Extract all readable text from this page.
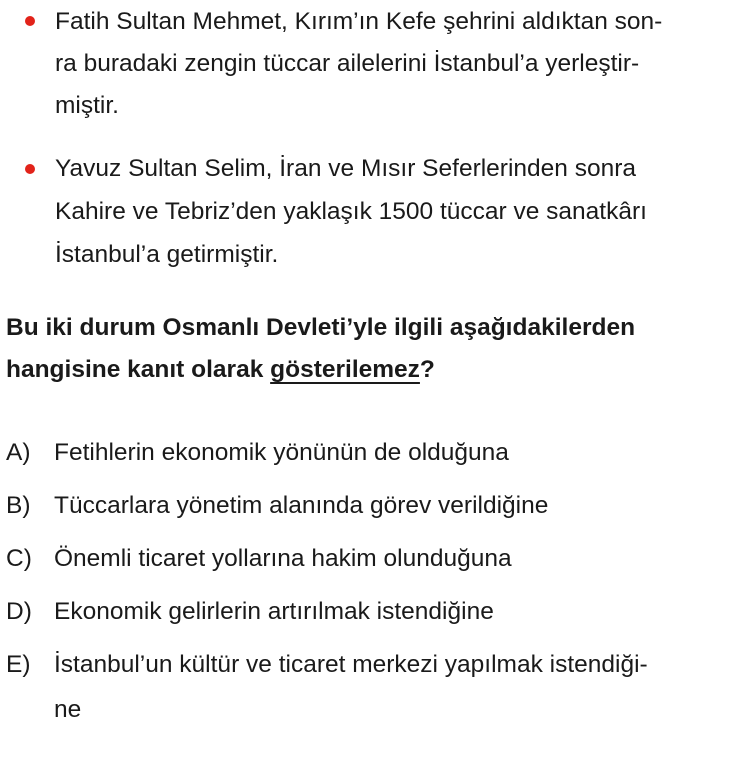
Fatih Sultan Mehmet, Kırım’ın Kefe şehrini aldıktan son-
ra buradaki zengin tüccar ailelerini İstanbul’a yerleştir-
miştir.
Yavuz Sultan Selim, İran ve Mısır Seferlerinden sonra
Kahire ve Tebriz’den yaklaşık 1500 tüccar ve sanatkârı
İstanbul’a getirmiştir.
Bu iki durum Osmanlı Devleti’yle ilgili aşağıdakilerden
hangisine kanıt olarak gösterilemez?
A) Fetihlerin ekonomik yönünün de olduğuna
B) Tüccarlara yönetim alanında görev verildiğine
C) Önemli ticaret yollarına hakim olunduğuna
D) Ekonomik gelirlerin artırılmak istendiğine
E) İstanbul’un kültür ve ticaret merkezi yapılmak istendiği-
ne
